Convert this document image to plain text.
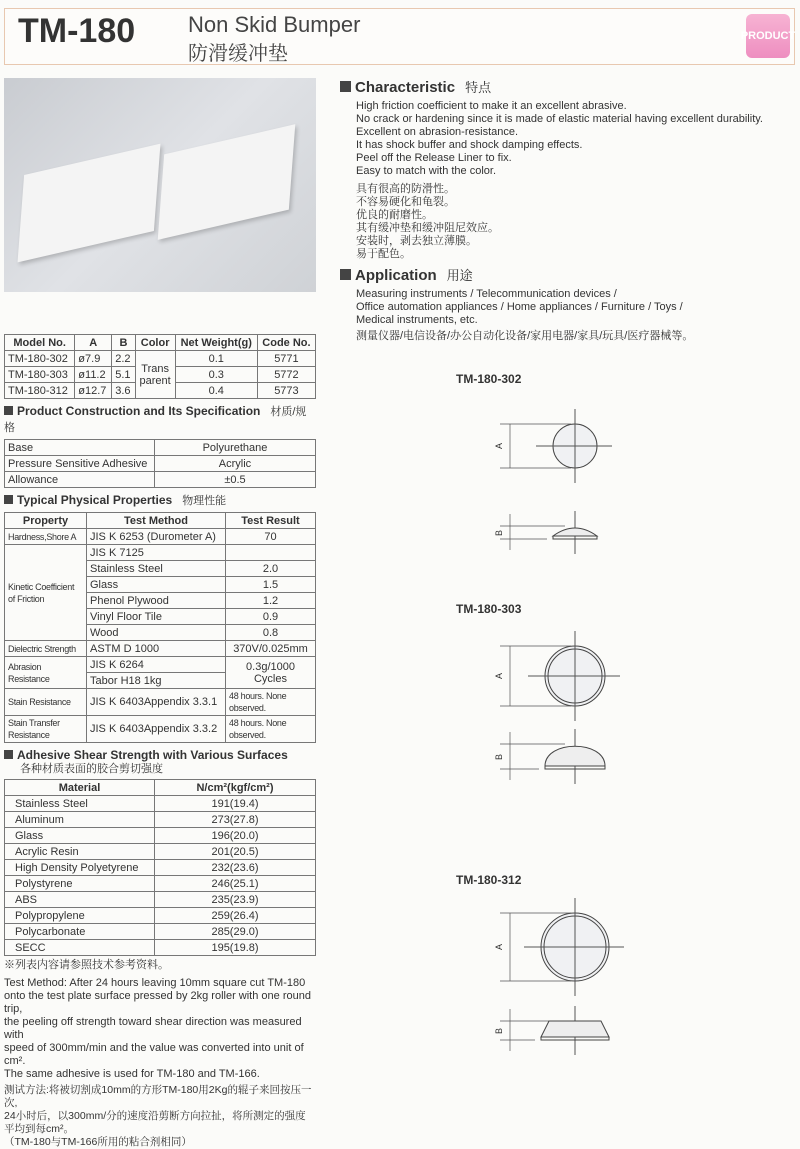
TM-180 Non Skid Bumper
防滑缓冲垫
PRODUCT
Model No.	A	B	Color	Net Weight(g)	Code No.
TM-180-302	ø7.9	2.2	Trans parent	0.1	5771
TM-180-303	ø11.2	5.1		0.3	5772
TM-180-312	ø12.7	3.6		0.4	5773
Product Construction and Its Specification 材质/规格
Base	Polyurethane
Pressure Sensitive Adhesive	Acrylic
Allowance	±0.5
Typical Physical Properties 物理性能
Property	Test Method	Test Result
Hardness,Shore A	JIS K 6253 (Durometer A)	70
Kinetic Coefficient of Friction	JIS K 7125	
	Stainless Steel	2.0
	Glass	1.5
	Phenol Plywood	1.2
	Vinyl Floor Tile	0.9
	Wood	0.8
Dielectric Strength	ASTM D 1000	370V/0.025mm
Abrasion Resistance	JIS K 6264	0.3g/1000 Cycles
	Tabor H18 1kg	
Stain Resistance	JIS K 6403Appendix 3.3.1	48 hours. None observed.
Stain Transfer Resistance	JIS K 6403Appendix 3.3.2	48 hours. None observed.
Adhesive Shear Strength with Various Surfaces
各种材质表面的胶合剪切强度
Material	N/cm²(kgf/cm²)
Stainless Steel	191(19.4)
Aluminum	273(27.8)
Glass	196(20.0)
Acrylic Resin	201(20.5)
High Density Polyetyrene	232(23.6)
Polystyrene	246(25.1)
ABS	235(23.9)
Polypropylene	259(26.4)
Polycarbonate	285(29.0)
SECC	195(19.8)
※列表内容请参照技术参考资料。
Test Method: After 24 hours leaving 10mm square cut TM-180
onto the test plate surface pressed by 2kg roller with one round trip,
the peeling off strength toward shear direction was measured with
speed of 300mm/min and the value was converted into unit of cm².
The same adhesive is used for TM-180 and TM-166.
测试方法:将被切割成10mm的方形TM-180用2Kg的辊子来回按压一次,
24小时后，以300mm/分的速度沿剪断方向拉扯，将所测定的强度平均到每cm²。
（TM-180与TM-166所用的粘合剂相同）
Characteristic 特点
High friction coefficient to make it an excellent abrasive.
No crack or hardening since it is made of elastic material having excellent durability.
Excellent on abrasion-resistance.
It has shock buffer and shock damping effects.
Peel off the Release Liner to fix.
Easy to match with the color.
具有很高的防滑性。
不容易硬化和龟裂。
优良的耐磨性。
其有缓冲垫和缓冲阻尼效应。
安装时，剥去独立薄膜。
易于配色。
Application 用途
Measuring instruments / Telecommunication devices /
Office automation appliances / Home appliances / Furniture / Toys /
Medical instruments, etc.
测量仪器/电信设备/办公自动化设备/家用电器/家具/玩具/医疗器械等。
TM-180-302
A
B
TM-180-303
A
B
TM-180-312
A
B
